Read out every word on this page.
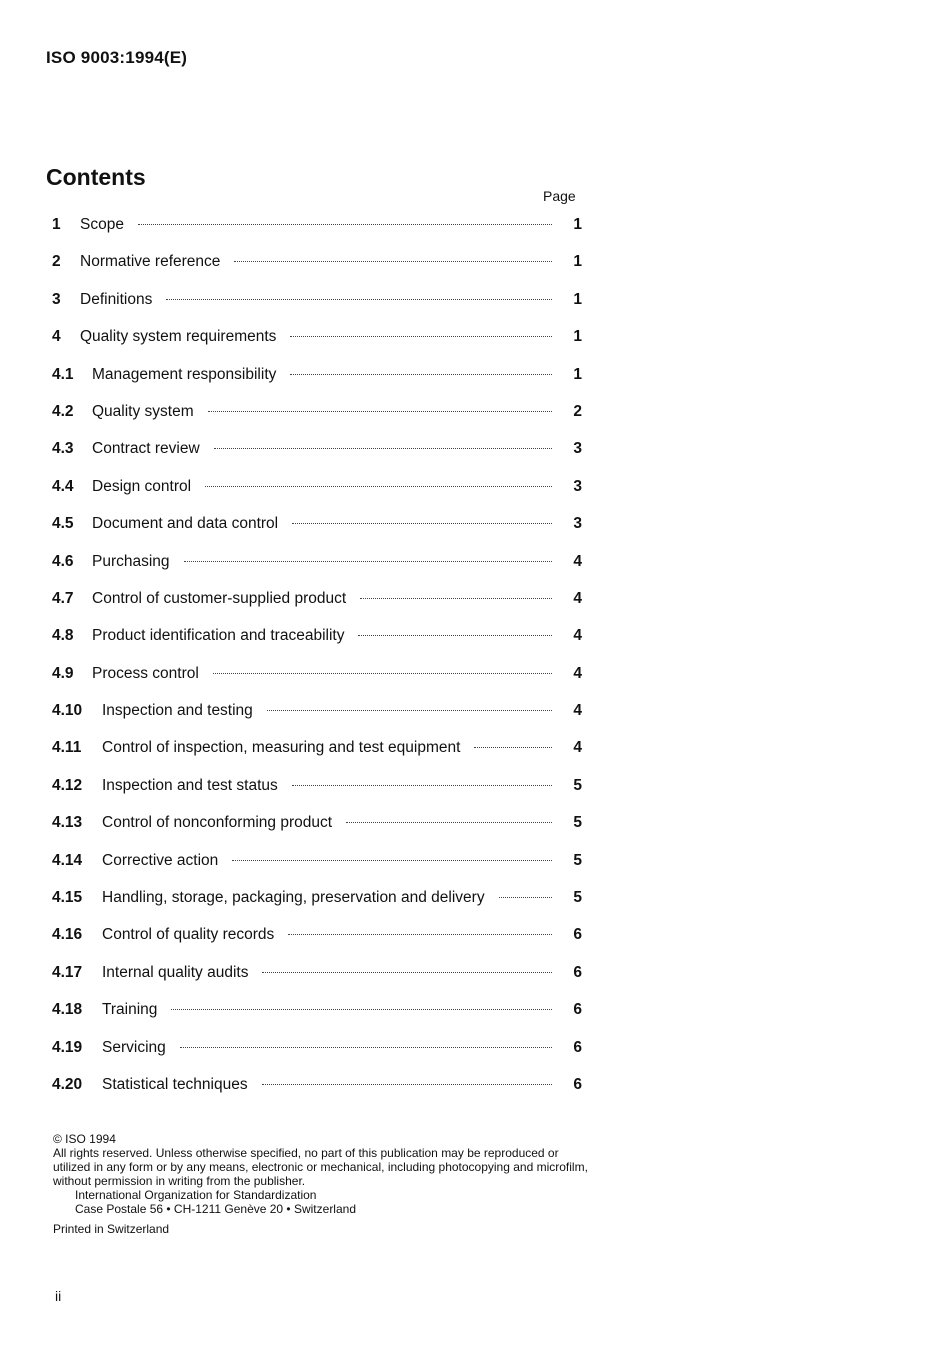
ISO 9003:1994(E)
Contents
Page
1	Scope	1
2	Normative reference	1
3	Definitions	1
4	Quality system requirements	1
4.1	Management responsibility	1
4.2	Quality system	2
4.3	Contract review	3
4.4	Design control	3
4.5	Document and data control	3
4.6	Purchasing	4
4.7	Control of customer-supplied product	4
4.8	Product identification and traceability	4
4.9	Process control	4
4.10	Inspection and testing	4
4.11	Control of inspection, measuring and test equipment	4
4.12	Inspection and test status	5
4.13	Control of nonconforming product	5
4.14	Corrective action	5
4.15	Handling, storage, packaging, preservation and delivery	5
4.16	Control of quality records	6
4.17	Internal quality audits	6
4.18	Training	6
4.19	Servicing	6
4.20	Statistical techniques	6

© ISO 1994

All rights reserved. Unless otherwise specified, no part of this publication may be reproduced or utilized in any form or by any means, electronic or mechanical, including photocopying and microfilm, without permission in writing from the publisher.

International Organization for Standardization

Case Postale 56 • CH-1211 Genève 20 • Switzerland

Printed in Switzerland

ii
